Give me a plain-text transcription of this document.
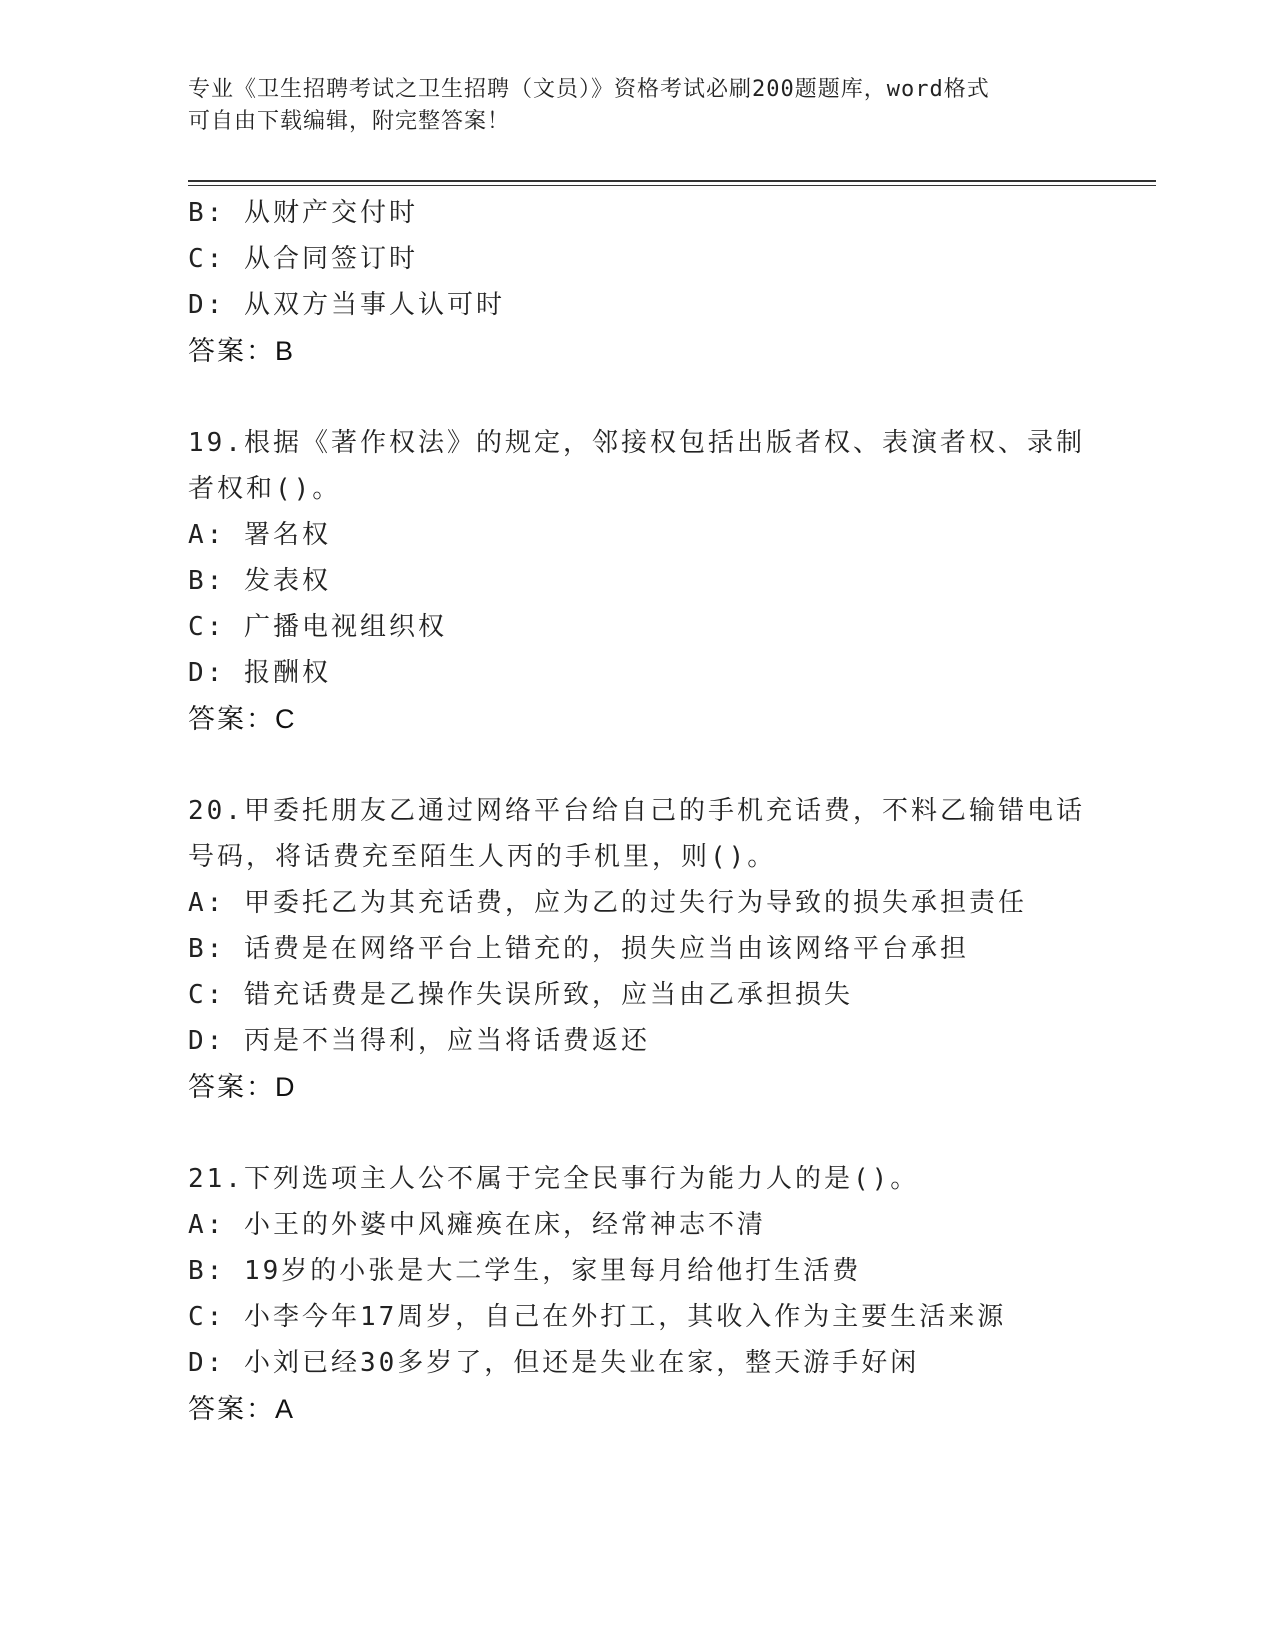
专业《卫生招聘考试之卫生招聘（文员）》资格考试必刷200题题库，word格式
可自由下载编辑，附完整答案！
B: 从财产交付时
C: 从合同签订时
D: 从双方当事人认可时
答案：B
19.根据《著作权法》的规定，邻接权包括出版者权、表演者权、录制者权和()。
A: 署名权
B: 发表权
C: 广播电视组织权
D: 报酬权
答案：C
20.甲委托朋友乙通过网络平台给自己的手机充话费，不料乙输错电话号码，将话费充至陌生人丙的手机里，则()。
A: 甲委托乙为其充话费，应为乙的过失行为导致的损失承担责任
B: 话费是在网络平台上错充的，损失应当由该网络平台承担
C: 错充话费是乙操作失误所致，应当由乙承担损失
D: 丙是不当得利，应当将话费返还
答案：D
21.下列选项主人公不属于完全民事行为能力人的是()。
A: 小王的外婆中风瘫痪在床，经常神志不清
B: 19岁的小张是大二学生，家里每月给他打生活费
C: 小李今年17周岁，自己在外打工，其收入作为主要生活来源
D: 小刘已经30多岁了，但还是失业在家，整天游手好闲
答案：A
